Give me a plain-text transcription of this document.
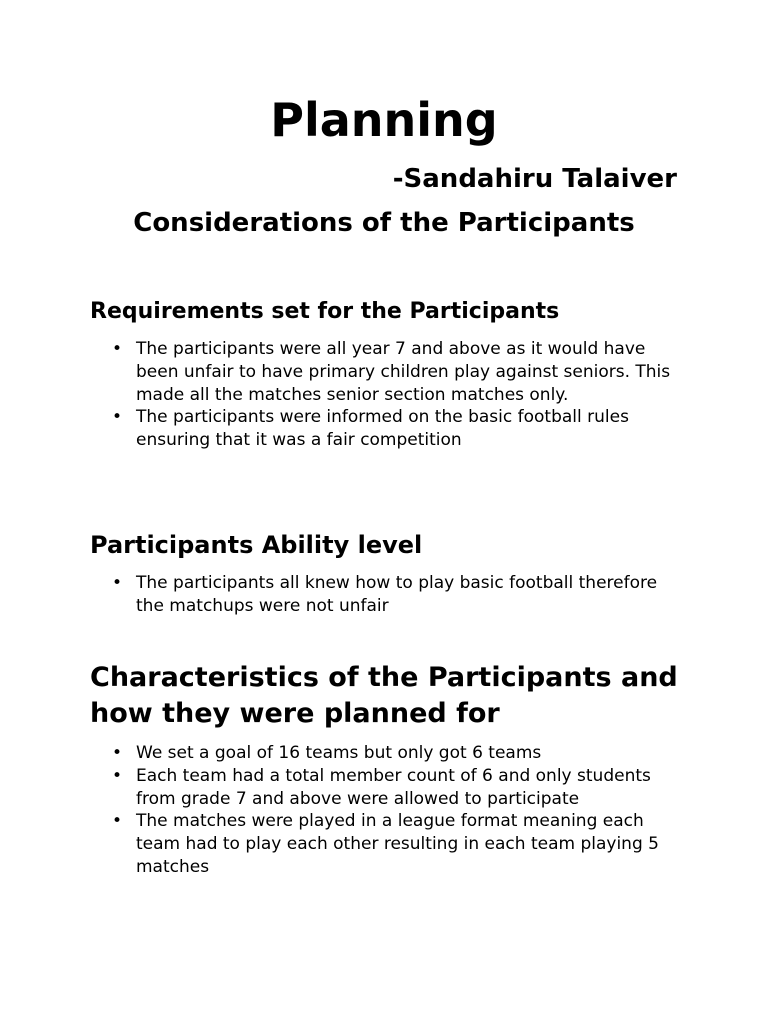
Planning
-Sandahiru Talaiver
Considerations of the Participants
Requirements set for the Participants
• The participants were all year 7 and above as it would have been unfair to have primary children play against seniors. This made all the matches senior section matches only.
• The participants were informed on the basic football rules ensuring that it was a fair competition
Participants Ability level
• The participants all knew how to play basic football therefore the matchups were not unfair
Characteristics of the Participants and how they were planned for
• We set a goal of 16 teams but only got 6 teams
• Each team had a total member count of 6 and only students from grade 7 and above were allowed to participate
• The matches were played in a league format meaning each team had to play each other resulting in each team playing 5 matches
